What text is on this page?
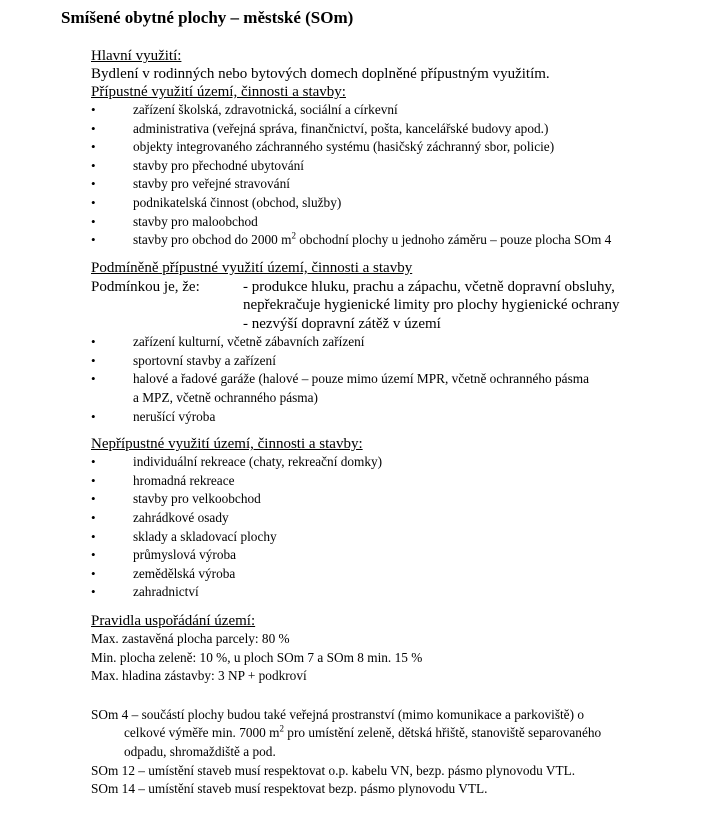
Smíšené obytné plochy – městské (SOm)
Hlavní využití:
Bydlení v rodinných nebo bytových domech doplněné přípustným využitím.
Přípustné využití území, činnosti a stavby:
• zařízení školská, zdravotnická, sociální a církevní
• administrativa (veřejná správa, finančnictví, pošta, kancelářské budovy apod.)
• objekty integrovaného záchranného systému (hasičský záchranný sbor, policie)
• stavby pro přechodné ubytování
• stavby pro veřejné stravování
• podnikatelská činnost (obchod, služby)
• stavby pro maloobchod
• stavby pro obchod do 2000 $m^2$ obchodní plochy u jednoho záměru – pouze plocha SOm 4
Podmíněně přípustné využití území, činnosti a stavby
Podmínkou je, že:	- produkce hluku, prachu a zápachu, včetně dopravní obsluhy,
nepřekračuje hygienické limity pro plochy hygienické ochrany
- nezvýší dopravní zátěž v území
• zařízení kulturní, včetně zábavních zařízení
• sportovní stavby a zařízení
• halové a řadové garáže (halové – pouze mimo území MPR, včetně ochranného pásma
a MPZ, včetně ochranného pásma)
• nerušící výroba
Nepřípustné využití území, činnosti a stavby:
• individuální rekreace (chaty, rekreační domky)
• hromadná rekreace
• stavby pro velkoobchod
• zahrádkové osady
• sklady a skladovací plochy
• průmyslová výroba
• zemědělská výroba
• zahradnictví
Pravidla uspořádání území:
Max. zastavěná plocha parcely: 80 %
Min. plocha zeleně: 10 %, u ploch SOm 7 a SOm 8 min. 15 %
Max. hladina zástavby: 3 NP + podkroví
SOm 4 – součástí plochy budou také veřejná prostranství (mimo komunikace a parkoviště) o
celkové výměře min. 7000 $m^2$ pro umístění zeleně, dětská hřiště, stanoviště separovaného
odpadu, shromaždiště a pod.
SOm 12 – umístění staveb musí respektovat o.p. kabelu VN, bezp. pásmo plynovodu VTL.
SOm 14 – umístění staveb musí respektovat bezp. pásmo plynovodu VTL.
